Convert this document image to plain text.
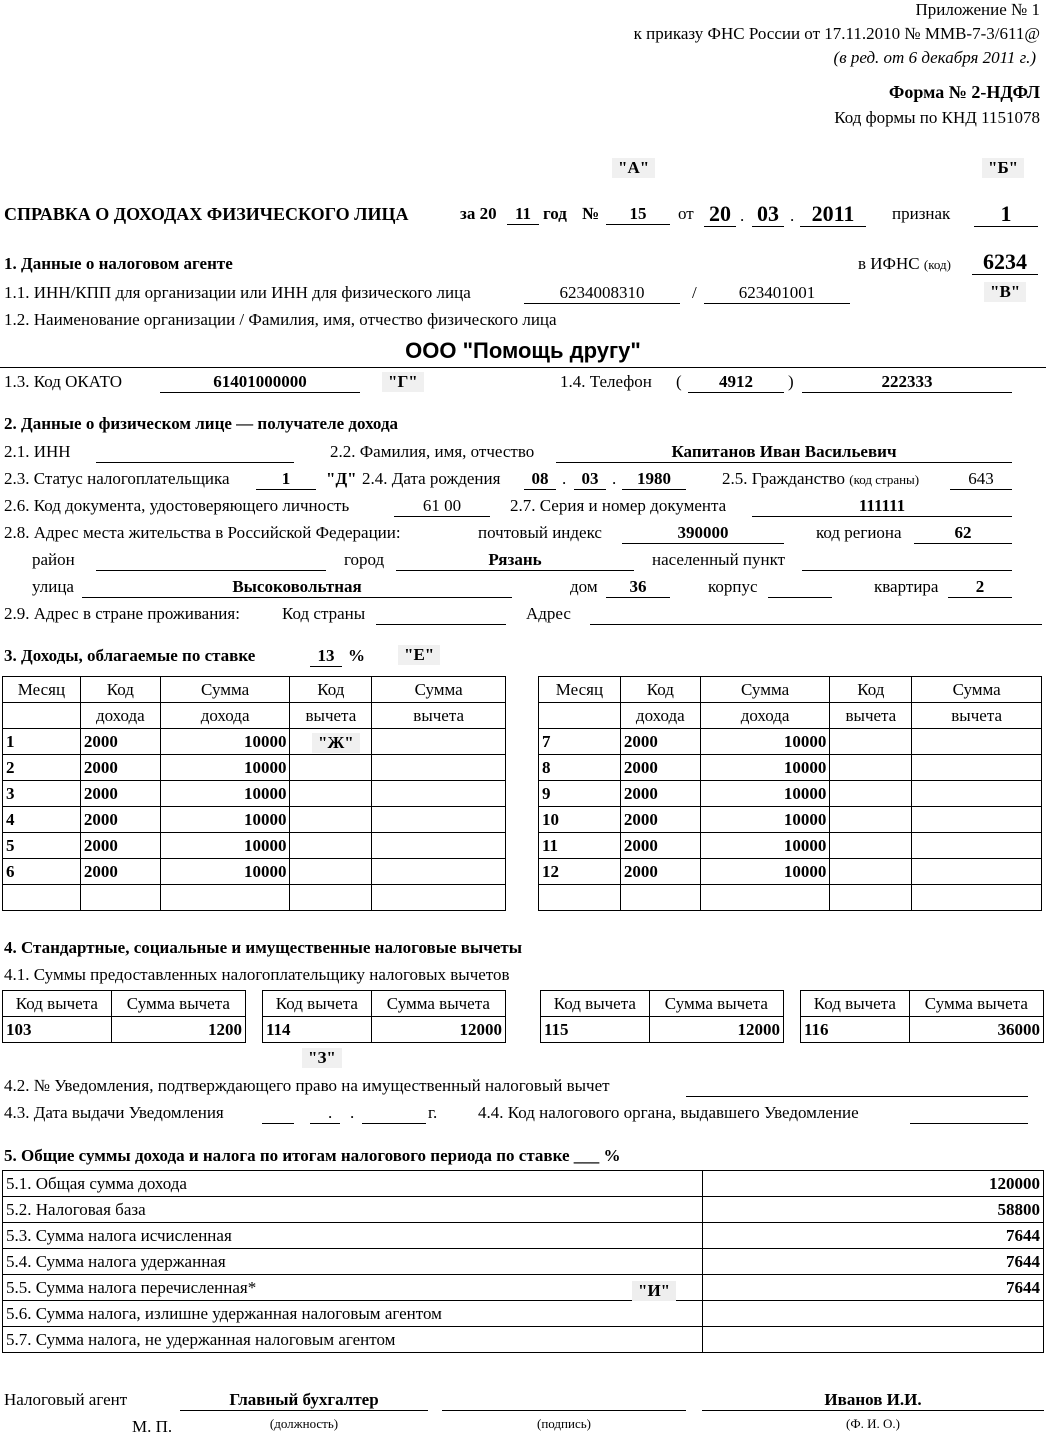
Приложение № 1
к приказу ФНС России от 17.11.2010 № ММВ-7-3/611@
(в ред. от 6 декабря 2011 г.)
Форма № 2-НДФЛ
Код формы по КНД 1151078
"А"	"Б"
СПРАВКА О ДОХОДАХ ФИЗИЧЕСКОГО ЛИЦА	за 20	11 год №	15	от 20 . 03 . 2011	признак	1
1. Данные о налоговом агенте	в ИФНС (код)	6234
1.1. ИНН/КПП для организации или ИНН для физического лица	6234008310	/	623401001	"В"
1.2. Наименование организации / Фамилия, имя, отчество физического лица
ООО "Помощь другу"
1.3. Код ОКАТО	61401000000	"Г"	1.4. Телефон (	4912	)	222333
2. Данные о физическом лице — получателе дохода
2.1. ИНН	2.2. Фамилия, имя, отчество	Капитанов Иван Васильевич
2.3. Статус налогоплательщика	1	"Д" 2.4. Дата рождения	08 . 03 .	1980	2.5. Гражданство (код страны)	643
2.6. Код документа, удостоверяющего личность	61 00	2.7. Серия и номер документа	111111
2.8. Адрес места жительства в Российской Федерации:	почтовый индекс	390000	код региона	62
район	город	Рязань	населенный пункт
улица	Высоковольтная	дом	36	корпус	квартира	2
2.9. Адрес в стране проживания: Код страны	Адрес
3. Доходы, облагаемые по ставке	13 %	"Е"
Месяц	Код	Сумма	Код	Сумма
	дохода	дохода	вычета	вычета
1	2000	10000		
2	2000	10000		
3	2000	10000		
4	2000	10000		
5	2000	10000		
6	2000	10000		

Месяц	Код	Сумма	Код	Сумма
	дохода	дохода	вычета	вычета
7	2000	10000		
8	2000	10000		
9	2000	10000		
10	2000	10000		
11	2000	10000		
12	2000	10000		

"Ж"
4. Стандартные, социальные и имущественные налоговые вычеты
4.1. Суммы предоставленных налогоплательщику налоговых вычетов
Код вычета	Сумма вычета
103	1200
Код вычета	Сумма вычета
114	12000
Код вычета	Сумма вычета
115	12000
Код вычета	Сумма вычета
116	36000
"З"
4.2. № Уведомления, подтверждающего право на имущественный налоговый вычет
4.3. Дата выдачи Уведомления	. .	г. 4.4. Код налогового органа, выдавшего Уведомление
5. Общие суммы дохода и налога по итогам налогового периода по ставке ___ %
5.1. Общая сумма дохода	120000
5.2. Налоговая база	58800
5.3. Сумма налога исчисленная	7644
5.4. Сумма налога удержанная	7644
5.5. Сумма налога перечисленная*	7644
5.6. Сумма налога, излишне удержанная налоговым агентом	
5.7. Сумма налога, не удержанная налоговым агентом	
"И"
Налоговый агент	Главный бухгалтер	Иванов И.И.
М. П.	(должность)	(подпись)	(Ф. И. О.)
